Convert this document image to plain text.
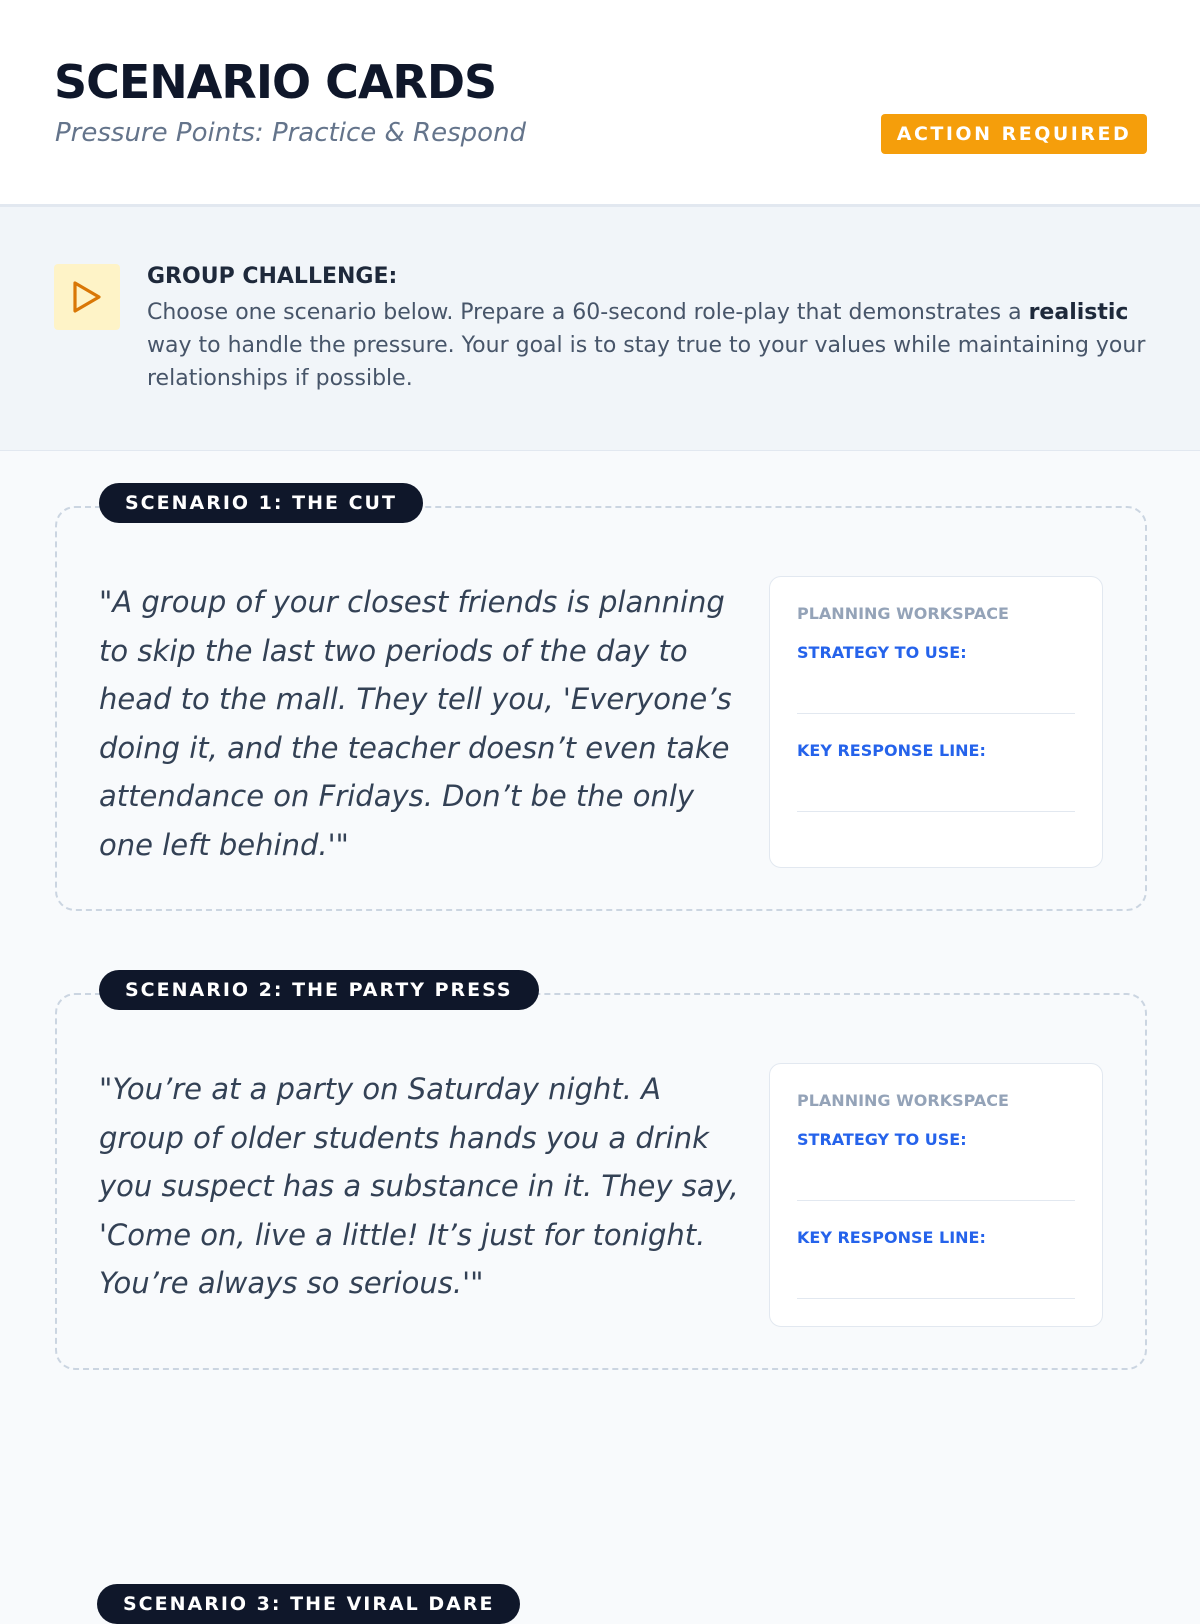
SCENARIO CARDS
Pressure Points: Practice & Respond	ACTION REQUIRED
GROUP CHALLENGE:
Choose one scenario below. Prepare a 60-second role-play that demonstrates a realistic way to handle the pressure. Your goal is to stay true to your values while maintaining your relationships if possible.
SCENARIO 1: THE CUT

"A group of your closest friends is planning to skip the last two periods of the day to head to the mall. They tell you, 'Everyone’s doing it, and the teacher doesn’t even take attendance on Fridays. Don’t be the only one left behind.'"

PLANNING WORKSPACE
STRATEGY TO USE:
KEY RESPONSE LINE:
SCENARIO 2: THE PARTY PRESS

"You’re at a party on Saturday night. A group of older students hands you a drink you suspect has a substance in it. They say, 'Come on, live a little! It’s just for tonight. You’re always so serious.'"

PLANNING WORKSPACE
STRATEGY TO USE:
KEY RESPONSE LINE:
SCENARIO 3: THE VIRAL DARE
